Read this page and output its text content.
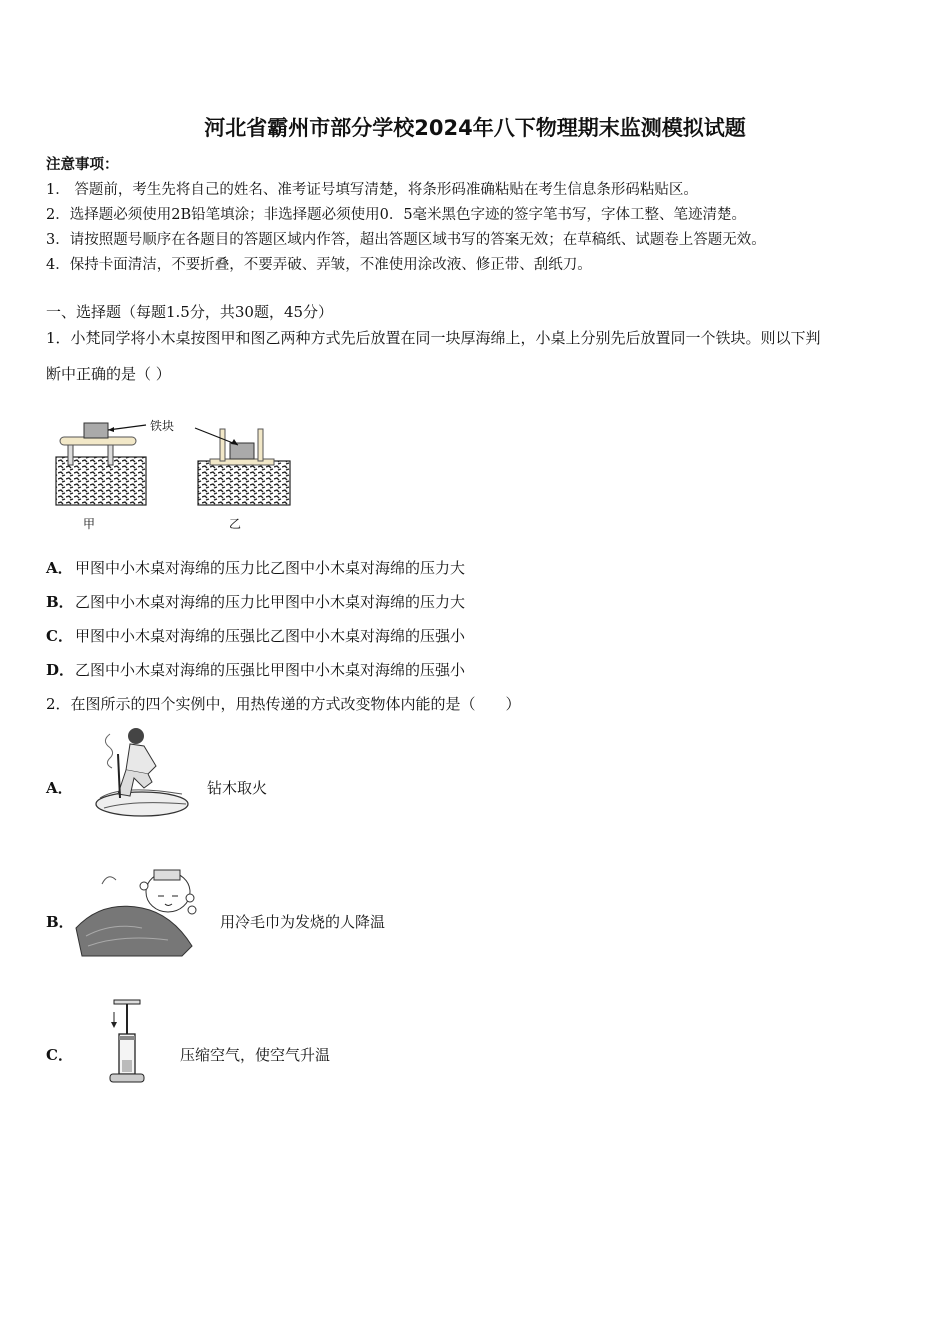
河北省霸州市部分学校2024年八下物理期末监测模拟试题
注意事项：
1． 答题前，考生先将自己的姓名、准考证号填写清楚，将条形码准确粘贴在考生信息条形码粘贴区。
2．选择题必须使用2B铅笔填涂；非选择题必须使用0．5毫米黑色字迹的签字笔书写，字体工整、笔迹清楚。
3．请按照题号顺序在各题目的答题区域内作答，超出答题区域书写的答案无效；在草稿纸、试题卷上答题无效。
4．保持卡面清洁，不要折叠，不要弄破、弄皱，不准使用涂改液、修正带、刮纸刀。
一、选择题（每题1.5分，共30题，45分）
1．小梵同学将小木桌按图甲和图乙两种方式先后放置在同一块厚海绵上，小桌上分别先后放置同一个铁块。则以下判
断中正确的是（ ）
铁块
甲	乙
A． 甲图中小木桌对海绵的压力比乙图中小木桌对海绵的压力大
B． 乙图中小木桌对海绵的压力比甲图中小木桌对海绵的压力大
C． 甲图中小木桌对海绵的压强比乙图中小木桌对海绵的压强小
D． 乙图中小木桌对海绵的压强比甲图中小木桌对海绵的压强小
2．在图所示的四个实例中，用热传递的方式改变物体内能的是（　　）
A．	钻木取火
B．	用冷毛巾为发烧的人降温
C．	压缩空气，使空气升温
